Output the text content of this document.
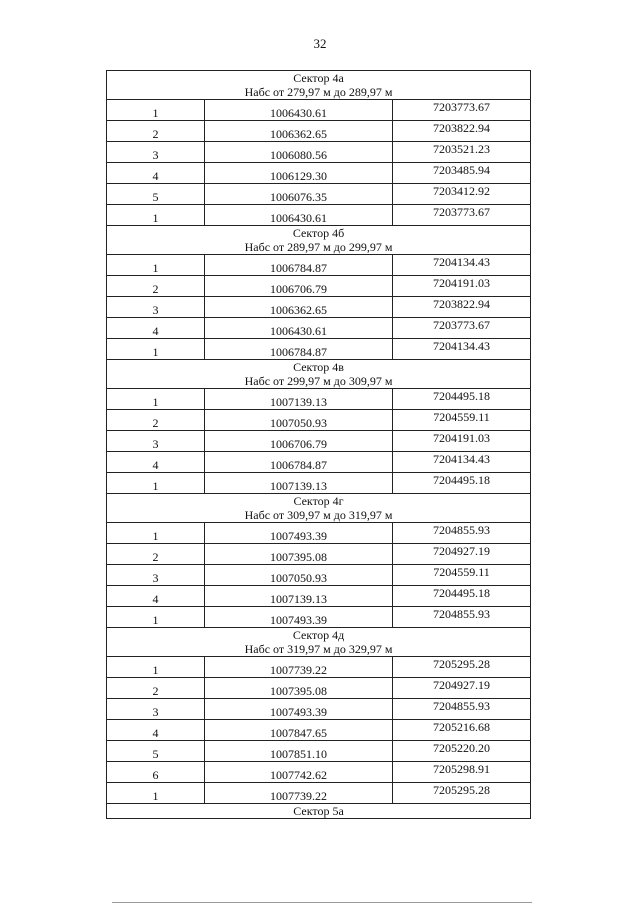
32
Сектор 4а
Набс от 279,97 м до 289,97 м		

1	1006430.61	7203773.67
2	1006362.65	7203822.94
3	1006080.56	7203521.23
4	1006129.30	7203485.94
5	1006076.35	7203412.92
1	1006430.61	7203773.67

Сектор 4б
Набс от 289,97 м до 299,97 м		

1	1006784.87	7204134.43
2	1006706.79	7204191.03
3	1006362.65	7203822.94
4	1006430.61	7203773.67
1	1006784.87	7204134.43

Сектор 4в
Набс от 299,97 м до 309,97 м		

1	1007139.13	7204495.18
2	1007050.93	7204559.11
3	1006706.79	7204191.03
4	1006784.87	7204134.43
1	1007139.13	7204495.18

Сектор 4г
Набс от 309,97 м до 319,97 м		

1	1007493.39	7204855.93
2	1007395.08	7204927.19
3	1007050.93	7204559.11
4	1007139.13	7204495.18
1	1007493.39	7204855.93

Сектор 4д
Набс от 319,97 м до 329,97 м		

1	1007739.22	7205295.28
2	1007395.08	7204927.19
3	1007493.39	7204855.93
4	1007847.65	7205216.68
5	1007851.10	7205220.20
6	1007742.62	7205298.91
1	1007739.22	7205295.28
Сектор 5а		
